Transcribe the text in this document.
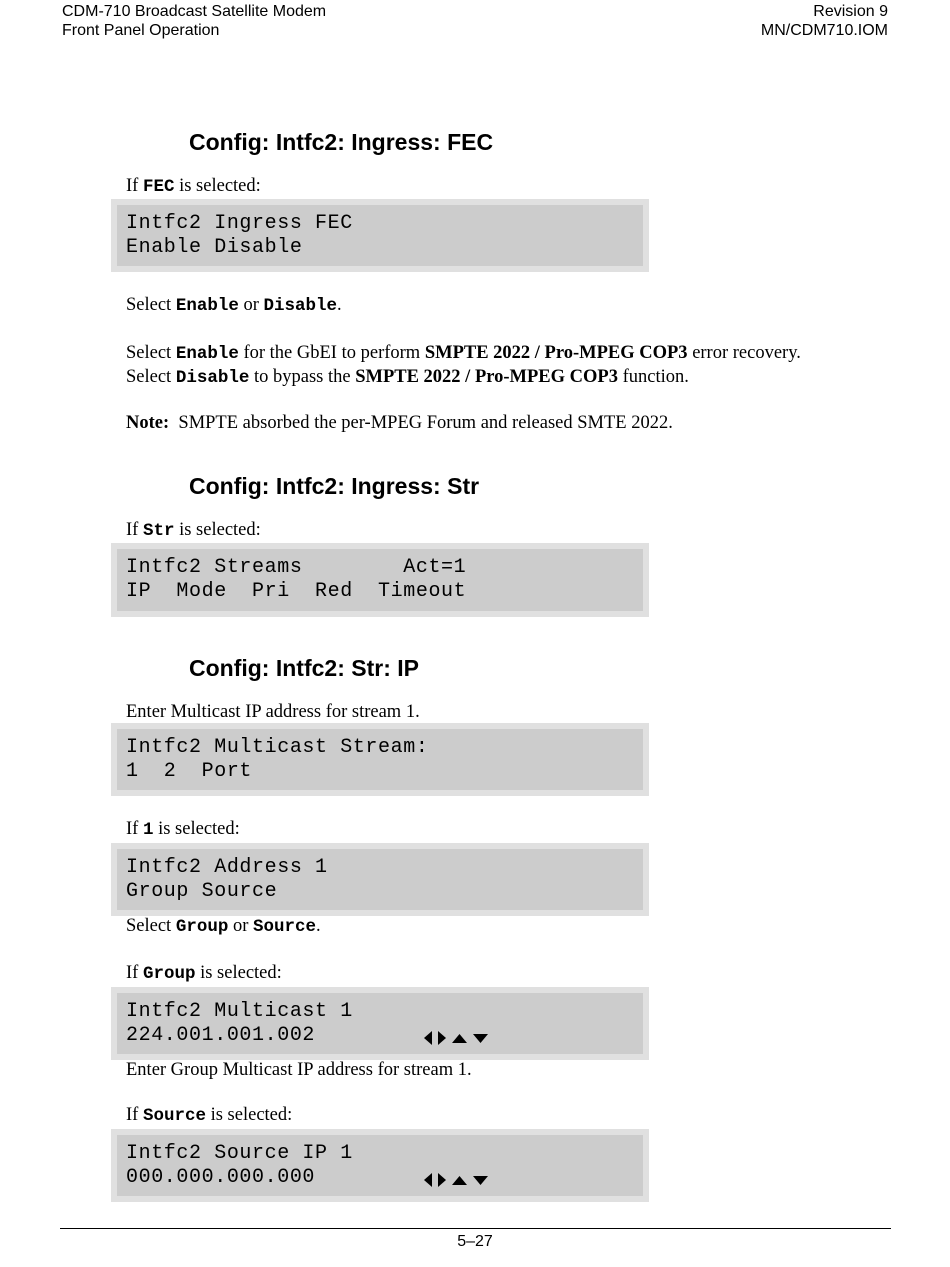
CDM-710 Broadcast Satellite Modem
Front Panel Operation
Revision 9
MN/CDM710.IOM
Config: Intfc2: Ingress: FEC
If FEC is selected:
Intfc2 Ingress FEC
Enable Disable
Select Enable or Disable.
Select Enable for the GbEI to perform SMPTE 2022 / Pro-MPEG COP3 error recovery.
Select Disable to bypass the SMPTE 2022 / Pro-MPEG COP3 function.
Note: SMPTE absorbed the per-MPEG Forum and released SMTE 2022.
Config: Intfc2: Ingress: Str
If Str is selected:
Intfc2 Streams        Act=1
IP  Mode  Pri  Red  Timeout
Config: Intfc2: Str: IP
Enter Multicast IP address for stream 1.
Intfc2 Multicast Stream:
1  2  Port
If 1 is selected:
Intfc2 Address 1
Group Source
Select Group or Source.
If Group is selected:
Intfc2 Multicast 1
224.001.001.002

Enter Group Multicast IP address for stream 1.
If Source is selected:
Intfc2 Source IP 1
000.000.000.000

5–27
